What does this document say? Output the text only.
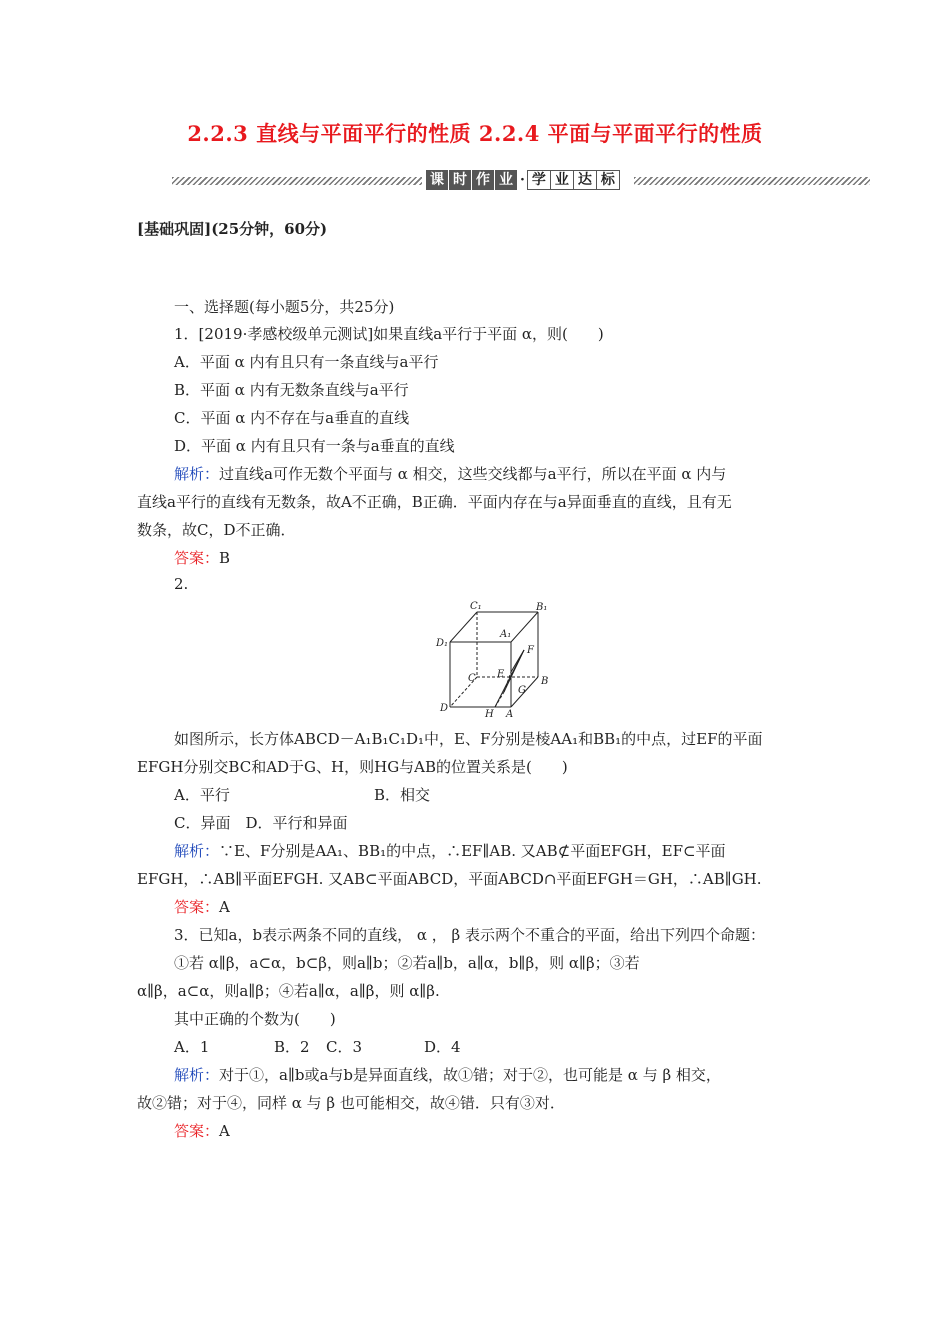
2.2.3 直线与平面平行的性质 2.2.4 平面与平面平行的性质
课 时 作 业 · 学 业 达 标
[基础巩固](25分钟，60分)
一、选择题(每小题5分，共25分)
1．[2019·孝感校级单元测试]如果直线a平行于平面 α，则(　　)
A．平面 α 内有且只有一条直线与a平行
B．平面 α 内有无数条直线与a平行
C．平面 α 内不存在与a垂直的直线
D．平面 α 内有且只有一条与a垂直的直线
解析：过直线a可作无数个平面与 α 相交，这些交线都与a平行，所以在平面 α 内与
直线a平行的直线有无数条，故A不正确，B正确．平面内存在与a异面垂直的直线，且有无
数条，故C，D不正确．
答案：B
2.
C₁	B₁
A₁
D₁
E
F
C
G
B
D
H A
如图所示，长方体ABCD－A₁B₁C₁D₁中，E、F分别是棱AA₁和BB₁的中点，过EF的平面
EFGH分别交BC和AD于G、H，则HG与AB的位置关系是(　　)
A．平行	B．相交
C．异面　D．平行和异面
解析：∵E、F分别是AA₁、BB₁的中点，∴EF∥AB. 又AB⊄平面EFGH，EF⊂平面
EFGH，∴AB∥平面EFGH. 又AB⊂平面ABCD，平面ABCD∩平面EFGH＝GH，∴AB∥GH.
答案：A
3．已知a，b表示两条不同的直线， α ， β 表示两个不重合的平面，给出下列四个命题：
①若 α∥β，a⊂α，b⊂β，则a∥b；②若a∥b，a∥α，b∥β，则 α∥β；③若
α∥β，a⊂α，则a∥β；④若a∥α，a∥β，则 α∥β.
其中正确的个数为(　　)
A．1	B．2 C．3	D．4
解析：对于①，a∥b或a与b是异面直线，故①错；对于②，也可能是 α 与 β 相交，
故②错；对于④，同样 α 与 β 也可能相交，故④错．只有③对．
答案：A
